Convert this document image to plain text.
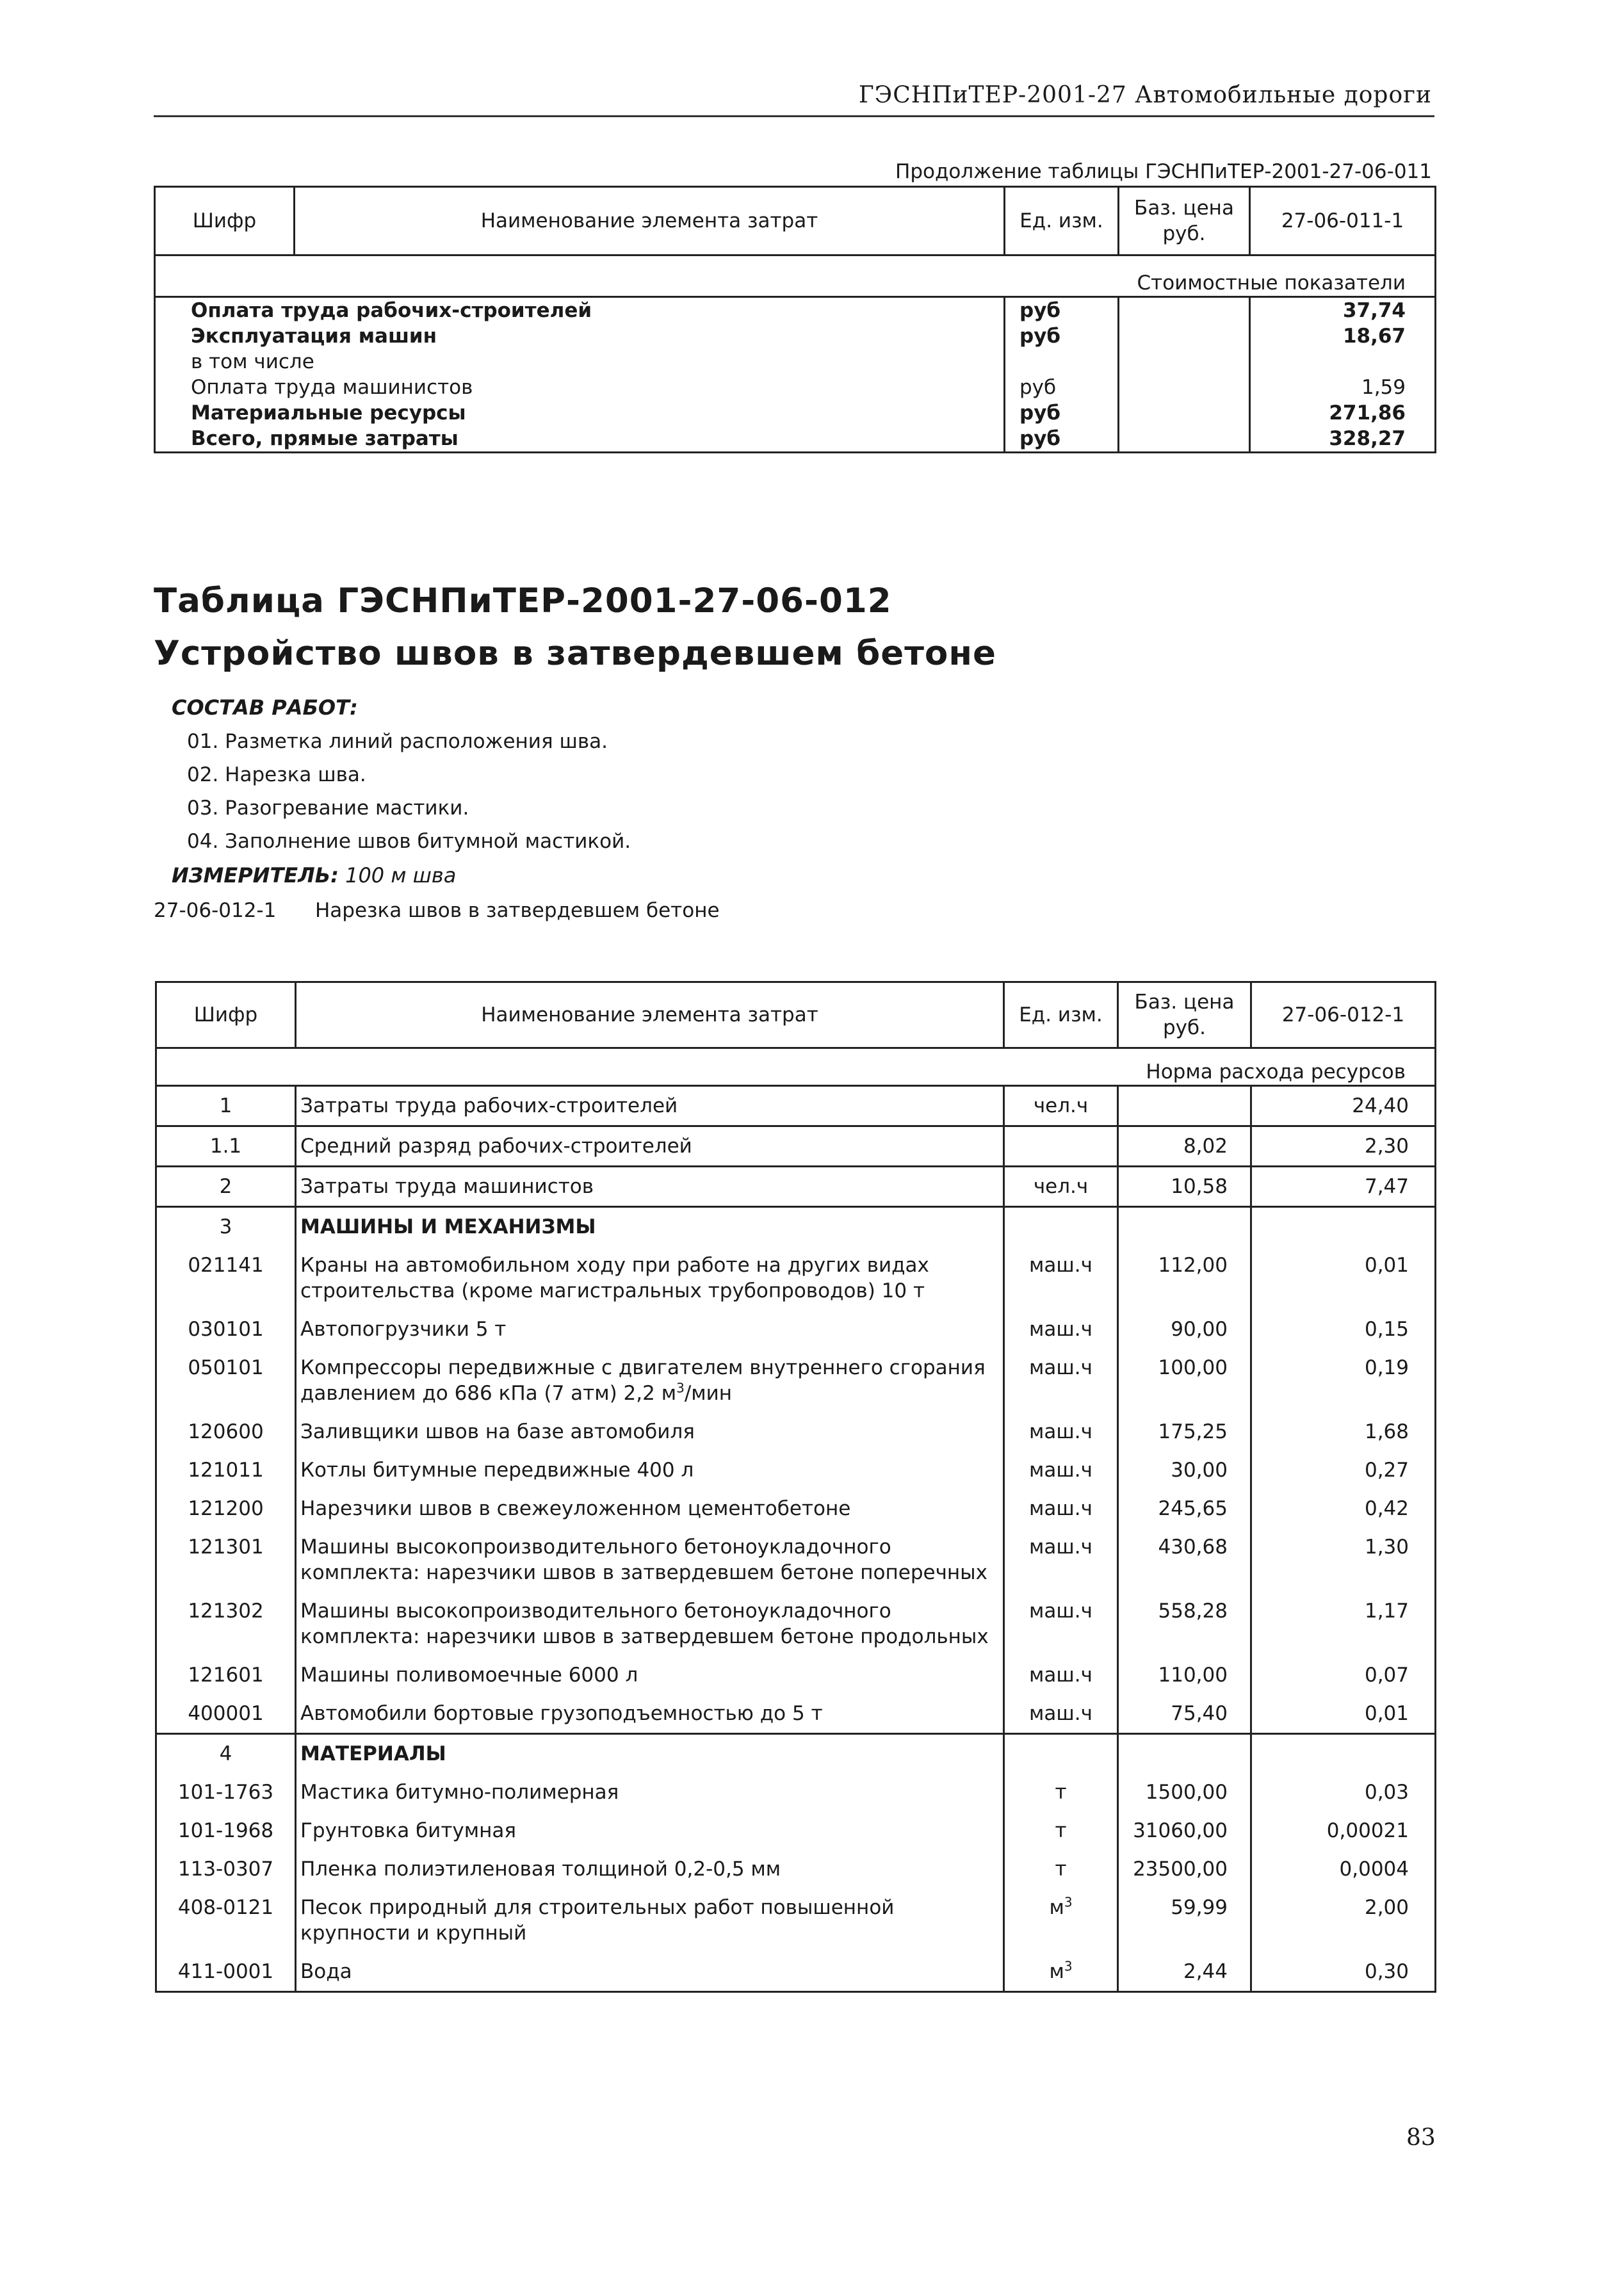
ГЭСНПиТЕР-2001-27 Автомобильные дороги
Продолжение таблицы ГЭСНПиТЕР-2001-27-06-011
Шифр	Наименование элемента затрат	Ед. изм.	Баз. цена руб.	27-06-011-1
Стоимостные показатели				
Оплата труда рабочих-строителей		руб		37,74
Эксплуатация машин		руб		18,67
в том числе				
Оплата труда машинистов		руб		1,59
Материальные ресурсы		руб		271,86
Всего, прямые затраты		руб		328,27
Таблица ГЭСНПиТЕР-2001-27-06-012
Устройство швов в затвердевшем бетоне
СОСТАВ РАБОТ:
01. Разметка линий расположения шва.
02. Нарезка шва.
03. Разогревание мастики.
04. Заполнение швов битумной мастикой.
ИЗМЕРИТЕЛЬ: 100 м шва
27-06-012-1 Нарезка швов в затвердевшем бетоне
Шифр	Наименование элемента затрат	Ед. изм.	Баз. цена руб.	27-06-012-1
Норма расхода ресурсов				
1	Затраты труда рабочих-строителей	чел.ч		24,40
1.1	Средний разряд рабочих-строителей		8,02	2,30
2	Затраты труда машинистов	чел.ч	10,58	7,47
3	МАШИНЫ И МЕХАНИЗМЫ			
021141	Краны на автомобильном ходу при работе на других видах строительства (кроме магистральных трубопроводов) 10 т	маш.ч	112,00	0,01
030101	Автопогрузчики 5 т	маш.ч	90,00	0,15
050101	Компрессоры передвижные с двигателем внутреннего сгорания давлением до 686 кПа (7 атм) 2,2 $м^3$/мин	маш.ч	100,00	0,19
120600	Заливщики швов на базе автомобиля	маш.ч	175,25	1,68
121011	Котлы битумные передвижные 400 л	маш.ч	30,00	0,27
121200	Нарезчики швов в свежеуложенном цементобетоне	маш.ч	245,65	0,42
121301	Машины высокопроизводительного бетоноукладочного комплекта: нарезчики швов в затвердевшем бетоне поперечных	маш.ч	430,68	1,30
121302	Машины высокопроизводительного бетоноукладочного комплекта: нарезчики швов в затвердевшем бетоне продольных	маш.ч	558,28	1,17
121601	Машины поливомоечные 6000 л	маш.ч	110,00	0,07
400001	Автомобили бортовые грузоподъемностью до 5 т	маш.ч	75,40	0,01
4	МАТЕРИАЛЫ			
101-1763	Мастика битумно-полимерная	т	1500,00	0,03
101-1968	Грунтовка битумная	т	31060,00	0,00021
113-0307	Пленка полиэтиленовая толщиной 0,2-0,5 мм	т	23500,00	0,0004
408-0121	Песок природный для строительных работ повышенной крупности и крупный	$м^3$	59,99	2,00
411-0001	Вода	$м^3$	2,44	0,30
83
